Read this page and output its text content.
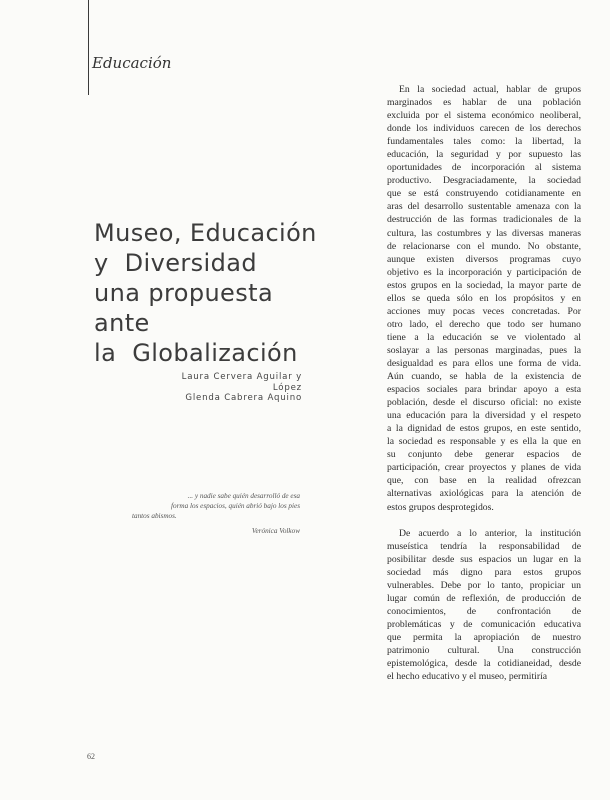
Educación
Museo, Educación
y  Diversidad
una propuesta
ante
la  Globalización
Laura Cervera Aguilar y López
Glenda Cabrera Aquino
... y nadie sabe quién desarrolló de esa
forma los espacios, quién abrió bajo los pies
tantos abismos.
Verónica Volkow
En la sociedad actual, hablar de grupos
marginados es hablar de una población
excluida por el sistema económico neoliberal,
donde los individuos carecen de los derechos
fundamentales tales como: la libertad, la
educación, la seguridad y por supuesto las
oportunidades de incorporación al sistema
productivo. Desgraciadamente, la sociedad
que se está construyendo cotidianamente en
aras del desarrollo sustentable amenaza con la
destrucción de las formas tradicionales de la
cultura, las costumbres y las diversas maneras
de relacionarse con el mundo. No obstante,
aunque existen diversos programas cuyo
objetivo es la incorporación y participación de
estos grupos en la sociedad, la mayor parte de
ellos se queda sólo en los propósitos y en
acciones muy pocas veces concretadas. Por
otro lado, el derecho que todo ser humano
tiene a la educación se ve violentado al
soslayar a las personas marginadas, pues la
desigualdad es para ellos une forma de vida.
Aún cuando, se habla de la existencia de
espacios sociales para brindar apoyo a esta
población, desde el discurso oficial: no existe
una educación para la diversidad y el respeto
a la dignidad de estos grupos, en este sentido,
la sociedad es responsable y es ella la que en
su conjunto debe generar espacios de
participación, crear proyectos y planes de vida
que, con base en la realidad ofrezcan
alternativas axiológicas para la atención de
estos grupos desprotegidos.
De acuerdo a lo anterior, la institución
museística tendría la responsabilidad de
posibilitar desde sus espacios un lugar en la
sociedad más digno para estos grupos
vulnerables. Debe por lo tanto, propiciar un
lugar común de reflexión, de producción de
conocimientos, de confrontación de
problemáticas y de comunicación educativa
que permita la apropiación de nuestro
patrimonio cultural. Una construcción
epistemológica, desde la cotidianeidad, desde
el hecho educativo y el museo, permitiría
62
